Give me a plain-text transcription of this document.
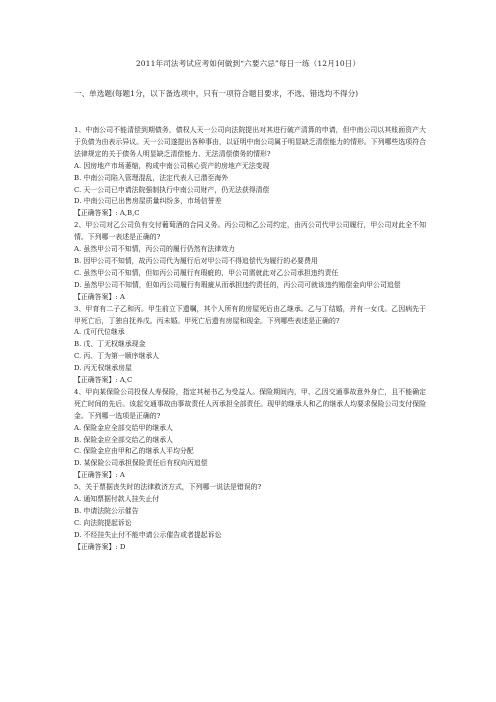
2011年司法考试应考如何做到“六要六忌”每日一练（12月10日）
一、单选题(每题1分，以下备选项中，只有一项符合题目要求，不选、错选均不得分)
1、中南公司不能清偿到期债务，债权人天一公司向法院提出对其进行破产清算的申请，但中南公司以其账面资产大于负债为由表示异议。天一公司遂提出各种事由，以证明中南公司属于明显缺乏清偿能力的情形。下列哪些选项符合法律规定的关于债务人明显缺乏清偿能力、无法清偿债务的情形?
A. 因房地产市场萎缩，构成中南公司核心资产的房地产无法变现
B. 中南公司陷入管理混乱，法定代表人已潜至海外
C. 天一公司已申请法院强制执行中南公司财产，仍无法获得清偿
D. 中南公司已出售房屋质量纠纷多，市场信誉差
【正确答案】: A,B,C
2、甲公司对乙公司负有交付葡萄酒的合同义务。丙公司和乙公司约定，由丙公司代甲公司履行，甲公司对此全不知情。下列哪一表述是正确的?
A. 虽然甲公司不知情，丙公司的履行仍然有法律效力
B. 因甲公司不知情，故丙公司代为履行后对甲公司不得追偿代为履行的必要费用
C. 虽然甲公司不知情，但如丙公司履行有瑕疵的，甲公司需就此对乙公司承担违约责任
D. 虽然甲公司不知情，但如丙公司履行有瑕疵从而承担违约责任的，丙公司可就该违约赔偿金向甲公司追偿
【正确答案】: A
3、甲育有二子乙和丙。甲生前立下遗嘱，其个人所有的房屋死后由乙继承。乙与丁结婚，并有一女戊。乙因病先于甲死亡后，丁独自抚养戊。丙未婚。甲死亡后遗有房屋和现金。下列哪些表述是正确的?
A. 戊可代位继承
B. 戊、丁无权继承现金
C. 丙、丁为第一顺序继承人
D. 丙无权继承房屋
【正确答案】: A,C
4、甲向某保险公司投保人寿保险，指定其秘书乙为受益人。保险期间内，甲、乙因交通事故意外身亡，且不能确定死亡时间的先后。该起交通事故由事故责任人丙承担全部责任。现甲的继承人和乙的继承人均要求保险公司支付保险金。下列哪一选项是正确的?
A. 保险金应全部交给甲的继承人
B. 保险金应全部交给乙的继承人
C. 保险金应由甲和乙的继承人平均分配
D. 某保险公司承担保险责任后有权向丙追偿
【正确答案】: A
5、关于票据丧失时的法律救济方式，下列哪一说法是错误的?
A. 通知票据付款人挂失止付
B. 申请法院公示催告
C. 向法院提起诉讼
D. 不经挂失止付不能申请公示催告或者提起诉讼
【正确答案】: D
